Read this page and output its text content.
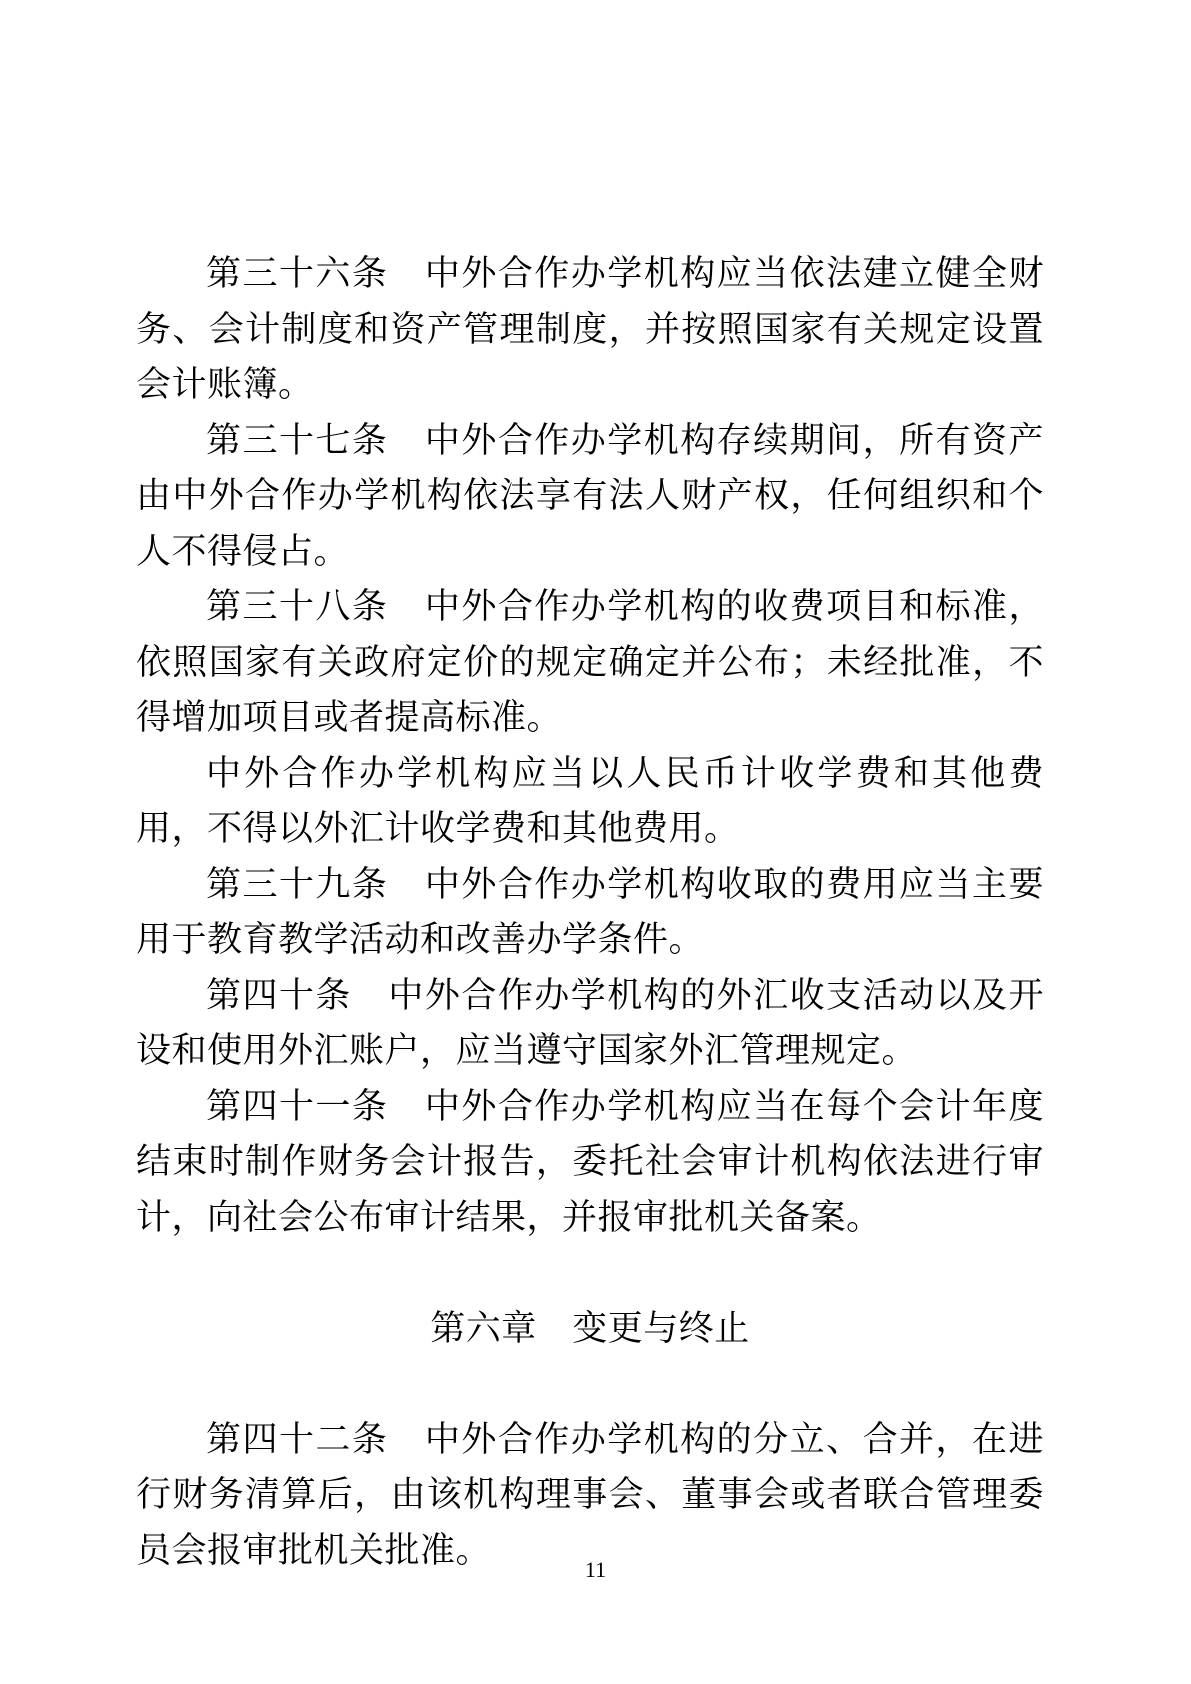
第三十六条　中外合作办学机构应当依法建立健全财务、会计制度和资产管理制度，并按照国家有关规定设置会计账簿。

第三十七条　中外合作办学机构存续期间，所有资产由中外合作办学机构依法享有法人财产权，任何组织和个人不得侵占。

第三十八条　中外合作办学机构的收费项目和标准，依照国家有关政府定价的规定确定并公布；未经批准，不得增加项目或者提高标准。

中外合作办学机构应当以人民币计收学费和其他费用，不得以外汇计收学费和其他费用。

第三十九条　中外合作办学机构收取的费用应当主要用于教育教学活动和改善办学条件。

第四十条　中外合作办学机构的外汇收支活动以及开设和使用外汇账户，应当遵守国家外汇管理规定。

第四十一条　中外合作办学机构应当在每个会计年度结束时制作财务会计报告，委托社会审计机构依法进行审计，向社会公布审计结果，并报审批机关备案。

第六章　变更与终止

第四十二条　中外合作办学机构的分立、合并，在进行财务清算后，由该机构理事会、董事会或者联合管理委员会报审批机关批准。	11
